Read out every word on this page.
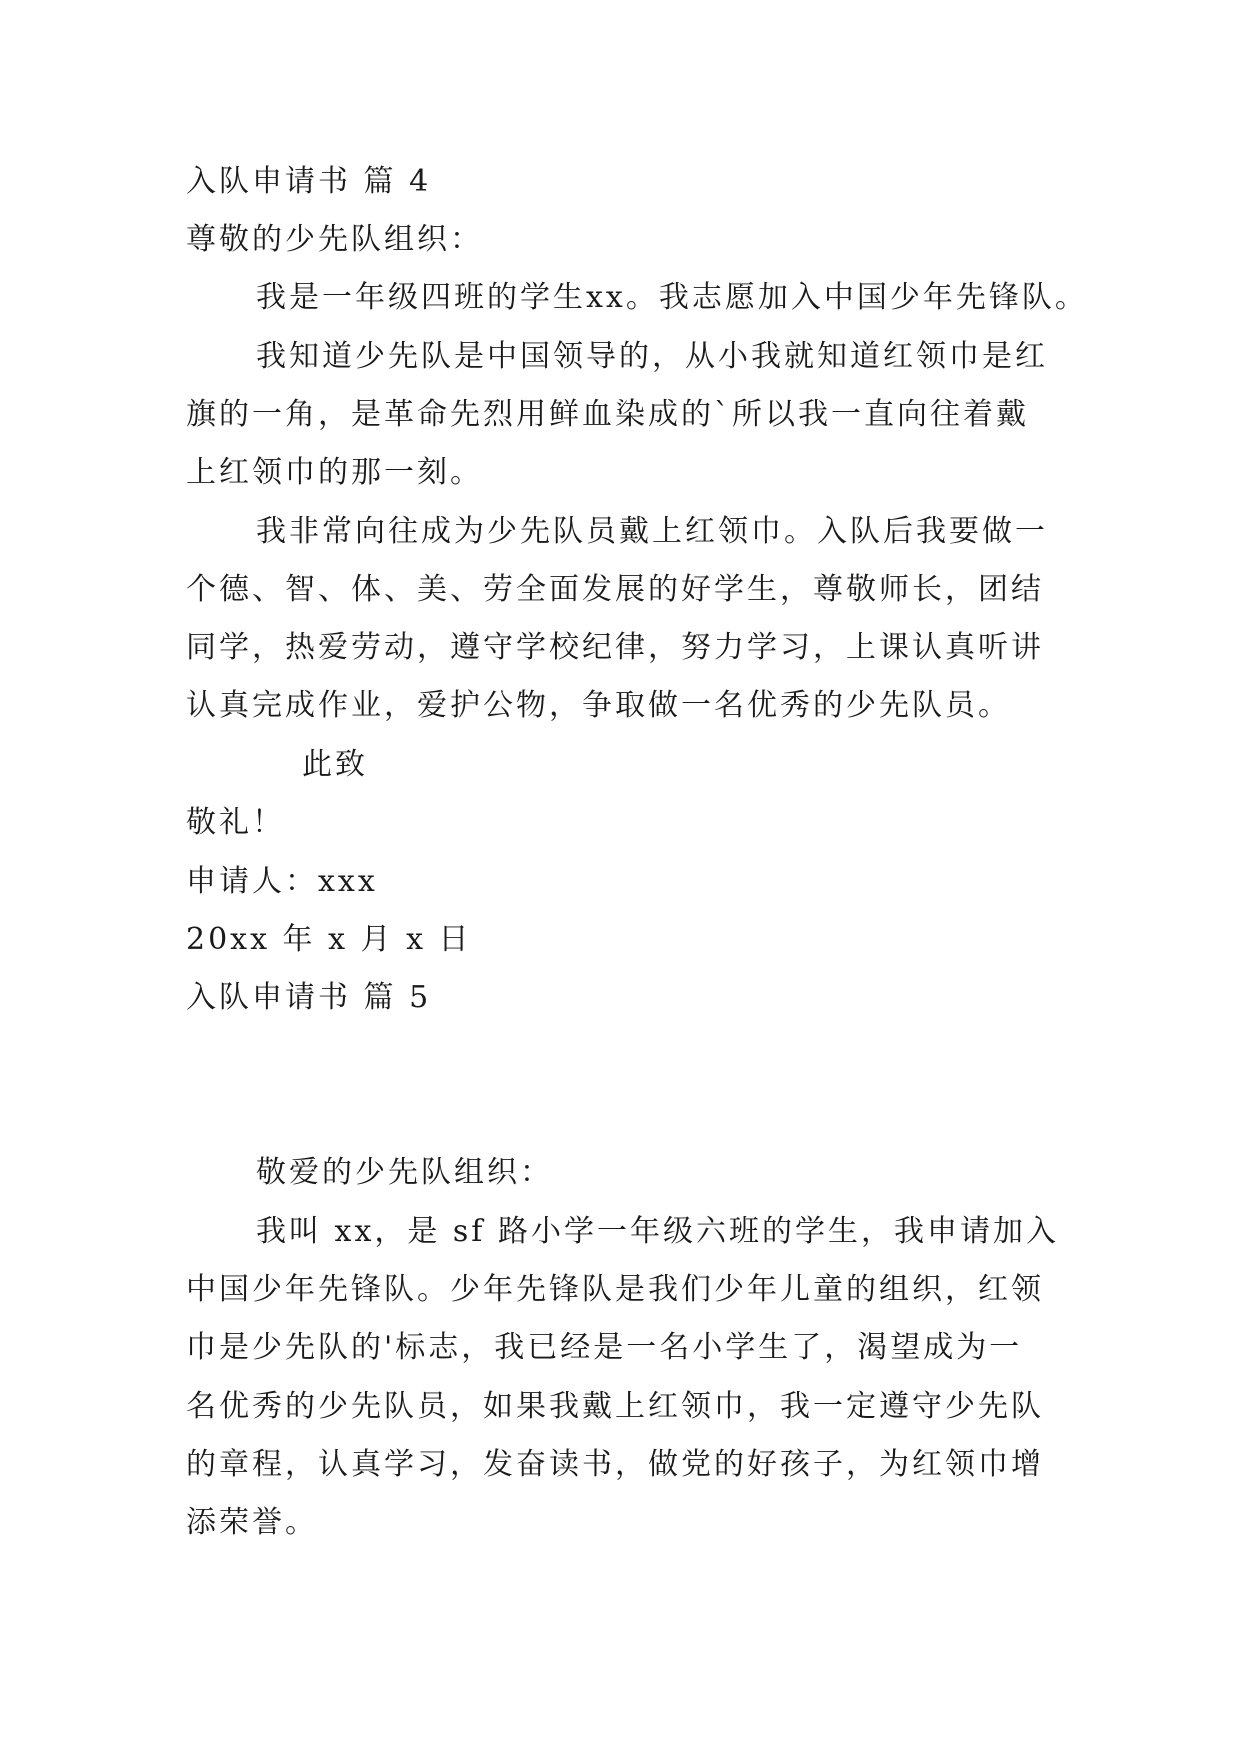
入队申请书 篇 4
尊敬的少先队组织：
我是一年级四班的学生xx。我志愿加入中国少年先锋队。
我知道少先队是中国领导的，从小我就知道红领巾是红
旗的一角，是革命先烈用鲜血染成的`所以我一直向往着戴
上红领巾的那一刻。
我非常向往成为少先队员戴上红领巾。入队后我要做一
个德、智、体、美、劳全面发展的好学生，尊敬师长，团结
同学，热爱劳动，遵守学校纪律，努力学习，上课认真听讲
认真完成作业，爱护公物，争取做一名优秀的少先队员。
此致
敬礼！
申请人：xxx
20xx 年 x 月 x 日
入队申请书 篇 5
敬爱的少先队组织：
我叫 xx，是 sf 路小学一年级六班的学生，我申请加入
中国少年先锋队。少年先锋队是我们少年儿童的组织，红领
巾是少先队的'标志，我已经是一名小学生了，渴望成为一
名优秀的少先队员，如果我戴上红领巾，我一定遵守少先队
的章程，认真学习，发奋读书，做党的好孩子，为红领巾增
添荣誉。
